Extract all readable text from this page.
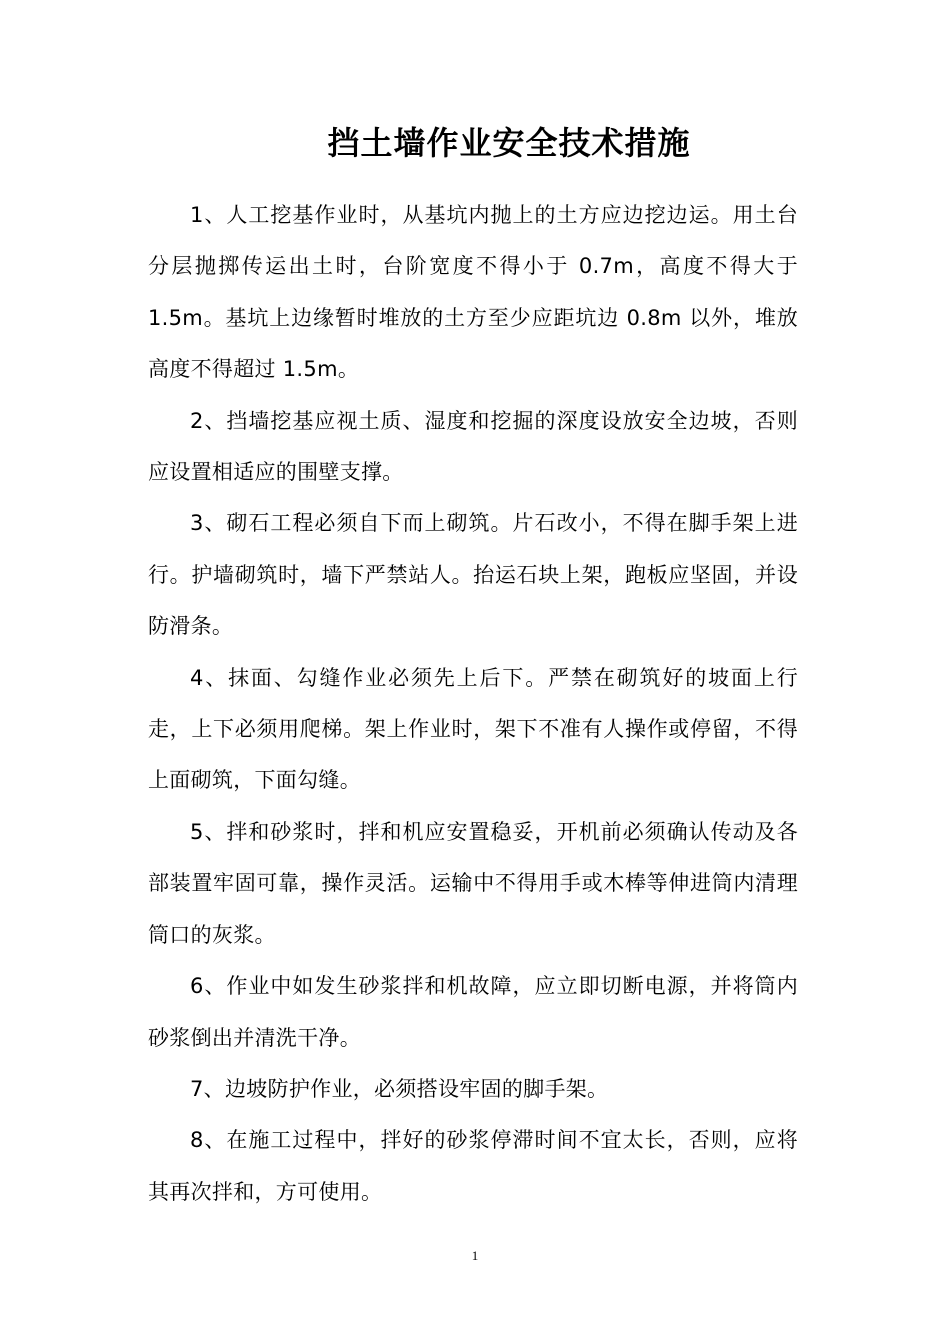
挡土墙作业安全技术措施

1、人工挖基作业时，从基坑内抛上的土方应边挖边运。用土台分层抛掷传运出土时，台阶宽度不得小于 0.7m，高度不得大于 1.5m。基坑上边缘暂时堆放的土方至少应距坑边 0.8m 以外，堆放高度不得超过 1.5m。

2、挡墙挖基应视土质、湿度和挖掘的深度设放安全边坡，否则应设置相适应的围壁支撑。

3、砌石工程必须自下而上砌筑。片石改小，不得在脚手架上进行。护墙砌筑时，墙下严禁站人。抬运石块上架，跑板应坚固，并设防滑条。

4、抹面、勾缝作业必须先上后下。严禁在砌筑好的坡面上行走，上下必须用爬梯。架上作业时，架下不准有人操作或停留，不得上面砌筑，下面勾缝。

5、拌和砂浆时，拌和机应安置稳妥，开机前必须确认传动及各部装置牢固可靠，操作灵活。运输中不得用手或木棒等伸进筒内清理筒口的灰浆。

6、作业中如发生砂浆拌和机故障，应立即切断电源，并将筒内砂浆倒出并清洗干净。

7、边坡防护作业，必须搭设牢固的脚手架。

8、在施工过程中，拌好的砂浆停滞时间不宜太长，否则，应将其再次拌和，方可使用。

1
